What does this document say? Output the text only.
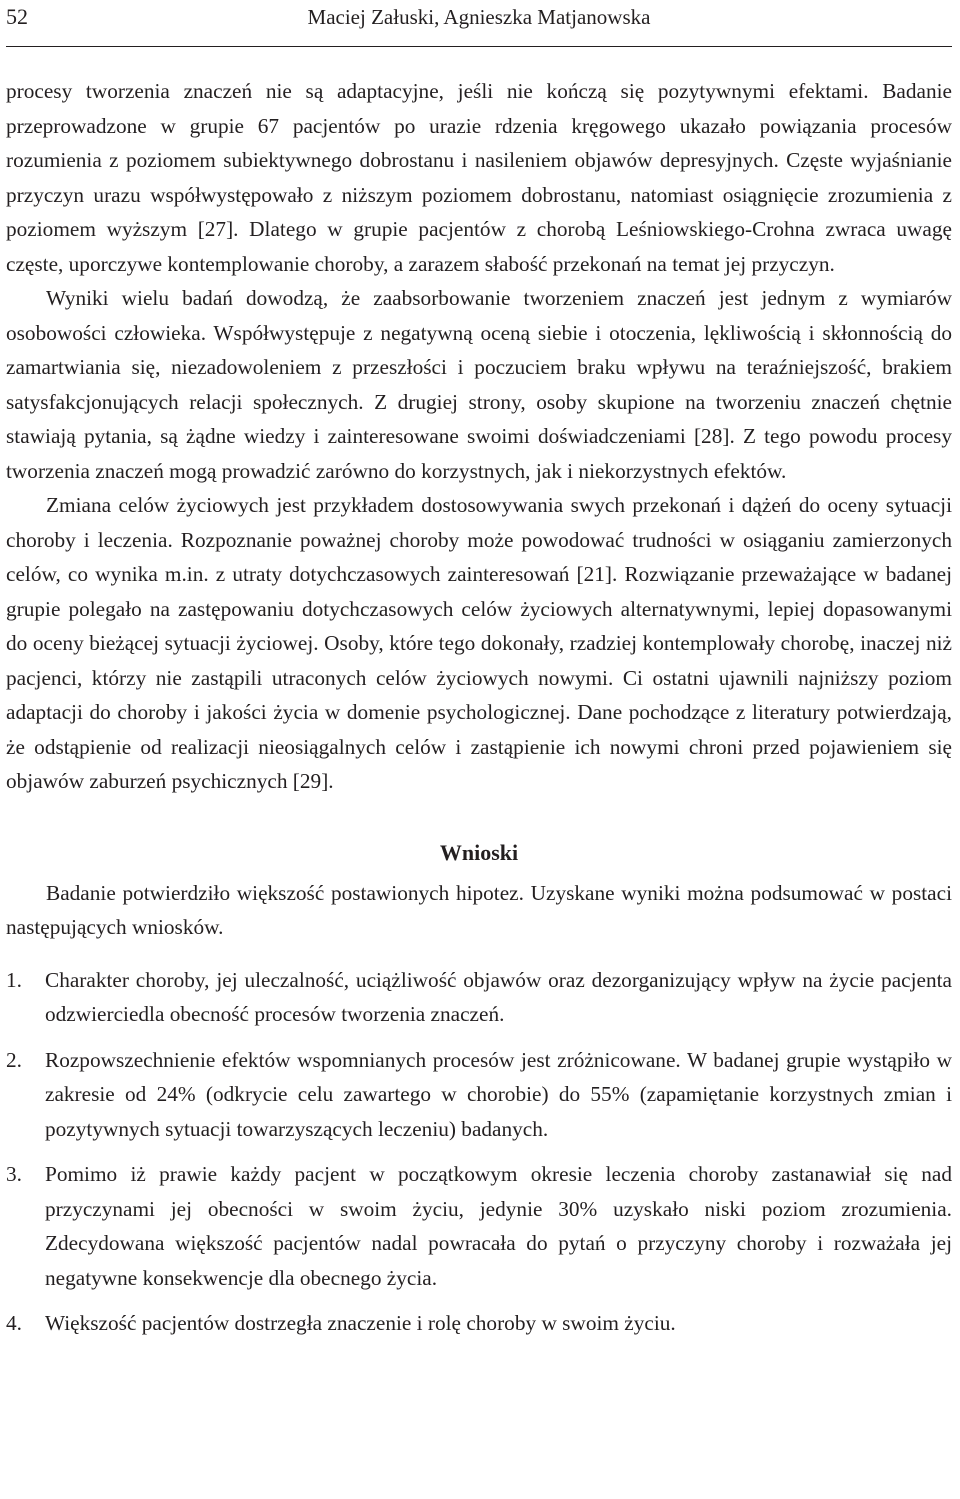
52	Maciej Załuski, Agnieszka Matjanowska

procesy tworzenia znaczeń nie są adaptacyjne, jeśli nie kończą się pozytywnymi efektami. Badanie przeprowadzone w grupie 67 pacjentów po urazie rdzenia kręgowego ukazało powiązania procesów rozumienia z poziomem subiektywnego dobrostanu i nasileniem objawów depresyjnych. Częste wyjaśnianie przyczyn urazu współwystępowało z niższym poziomem dobrostanu, natomiast osiągnięcie zrozumienia z poziomem wyższym [27]. Dlatego w grupie pacjentów z chorobą Leśniowskiego-Crohna zwraca uwagę częste, uporczywe kontemplowanie choroby, a zarazem słabość przekonań na temat jej przyczyn.

Wyniki wielu badań dowodzą, że zaabsorbowanie tworzeniem znaczeń jest jednym z wymiarów osobowości człowieka. Współwystępuje z negatywną oceną siebie i otoczenia, lękliwością i skłonnością do zamartwiania się, niezadowoleniem z przeszłości i poczuciem braku wpływu na teraźniejszość, brakiem satysfakcjonujących relacji społecznych. Z drugiej strony, osoby skupione na tworzeniu znaczeń chętnie stawiają pytania, są żądne wiedzy i zainteresowane swoimi doświadczeniami [28]. Z tego powodu procesy tworzenia znaczeń mogą prowadzić zarówno do korzystnych, jak i niekorzystnych efektów.

Zmiana celów życiowych jest przykładem dostosowywania swych przekonań i dążeń do oceny sytuacji choroby i leczenia. Rozpoznanie poważnej choroby może powodować trudności w osiąganiu zamierzonych celów, co wynika m.in. z utraty dotychczasowych zainteresowań [21]. Rozwiązanie przeważające w badanej grupie polegało na zastępowaniu dotychczasowych celów życiowych alternatywnymi, lepiej dopasowanymi do oceny bieżącej sytuacji życiowej. Osoby, które tego dokonały, rzadziej kontemplowały chorobę, inaczej niż pacjenci, którzy nie zastąpili utraconych celów życiowych nowymi. Ci ostatni ujawnili najniższy poziom adaptacji do choroby i jakości życia w domenie psychologicznej. Dane pochodzące z literatury potwierdzają, że odstąpienie od realizacji nieosiągalnych celów i zastąpienie ich nowymi chroni przed pojawieniem się objawów zaburzeń psychicznych [29].

Wnioski

Badanie potwierdziło większość postawionych hipotez. Uzyskane wyniki można podsumować w postaci następujących wniosków.

1. Charakter choroby, jej uleczalność, uciążliwość objawów oraz dezorganizujący wpływ na życie pacjenta odzwierciedla obecność procesów tworzenia znaczeń.
2. Rozpowszechnienie efektów wspomnianych procesów jest zróżnicowane. W badanej grupie wystąpiło w zakresie od 24% (odkrycie celu zawartego w chorobie) do 55% (zapamiętanie korzystnych zmian i pozytywnych sytuacji towarzyszących leczeniu) badanych.
3. Pomimo iż prawie każdy pacjent w początkowym okresie leczenia choroby zastanawiał się nad przyczynami jej obecności w swoim życiu, jedynie 30% uzyskało niski poziom zrozumienia. Zdecydowana większość pacjentów nadal powracała do pytań o przyczyny choroby i rozważała jej negatywne konsekwencje dla obecnego życia.
4. Większość pacjentów dostrzegła znaczenie i rolę choroby w swoim życiu.
